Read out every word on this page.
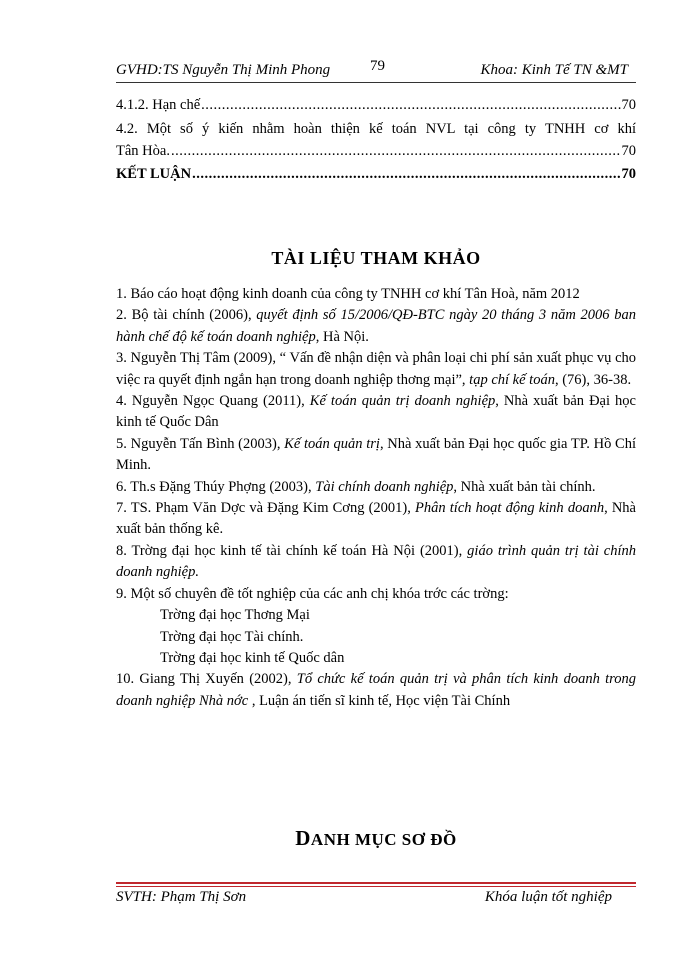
GVHD:TS Nguyễn Thị Minh Phong	79	Khoa: Kinh Tế TN &MT
4.1.2. Hạn chế .....	70
4.2. Một số ý kiến nhằm hoàn thiện kế toán NVL tại công ty TNHH cơ khí
Tân Hòa. .....	70
KẾT LUẬN .....	70
TÀI LIỆU THAM KHẢO

1. Báo cáo hoạt động kinh doanh của công ty TNHH cơ khí Tân Hoà, năm 2012

2. Bộ tài chính (2006), quyết định số 15/2006/QĐ-BTC ngày 20 tháng 3 năm 2006 ban hành chế độ kế toán doanh nghiệp, Hà Nội.

3. Nguyễn Thị Tâm (2009), “ Vấn đề nhận diện và phân loại chi phí sản xuất phục vụ cho việc ra quyết định ngắn hạn trong doanh nghiệp thơng mại”, tạp chí kế toán, (76), 36-38.

4. Nguyễn Ngọc Quang (2011), Kế toán quản trị doanh nghiệp, Nhà xuất bản Đại học kinh tế Quốc Dân

5. Nguyễn Tấn Bình (2003), Kế toán quản trị, Nhà xuất bản Đại học quốc gia TP. Hồ Chí Minh.

6. Th.s Đặng Thúy Phợng (2003), Tài chính doanh nghiệp, Nhà xuất bản tài chính.

7. TS. Phạm Văn Dợc và Đặng Kim Cơng (2001), Phân tích hoạt động kinh doanh, Nhà xuất bản thống kê.

8. Trờng đại học kinh tế tài chính kế toán Hà Nội (2001), giáo trình quản trị tài chính doanh nghiệp.

9. Một số chuyên đề tốt nghiệp của các anh chị khóa trớc các trờng:

Trờng đại học Thơng Mại

Trờng đại học Tài chính.

Trờng đại học kinh tế Quốc dân

10. Giang Thị Xuyến (2002), Tổ chức kế toán quản trị và phân tích kinh doanh trong doanh nghiệp Nhà nớc , Luận án tiến sĩ kinh tế, Học viện Tài Chính

DANH MỤC SƠ ĐỒ
SVTH: Phạm Thị Sơn	Khóa luận tốt nghiệp
